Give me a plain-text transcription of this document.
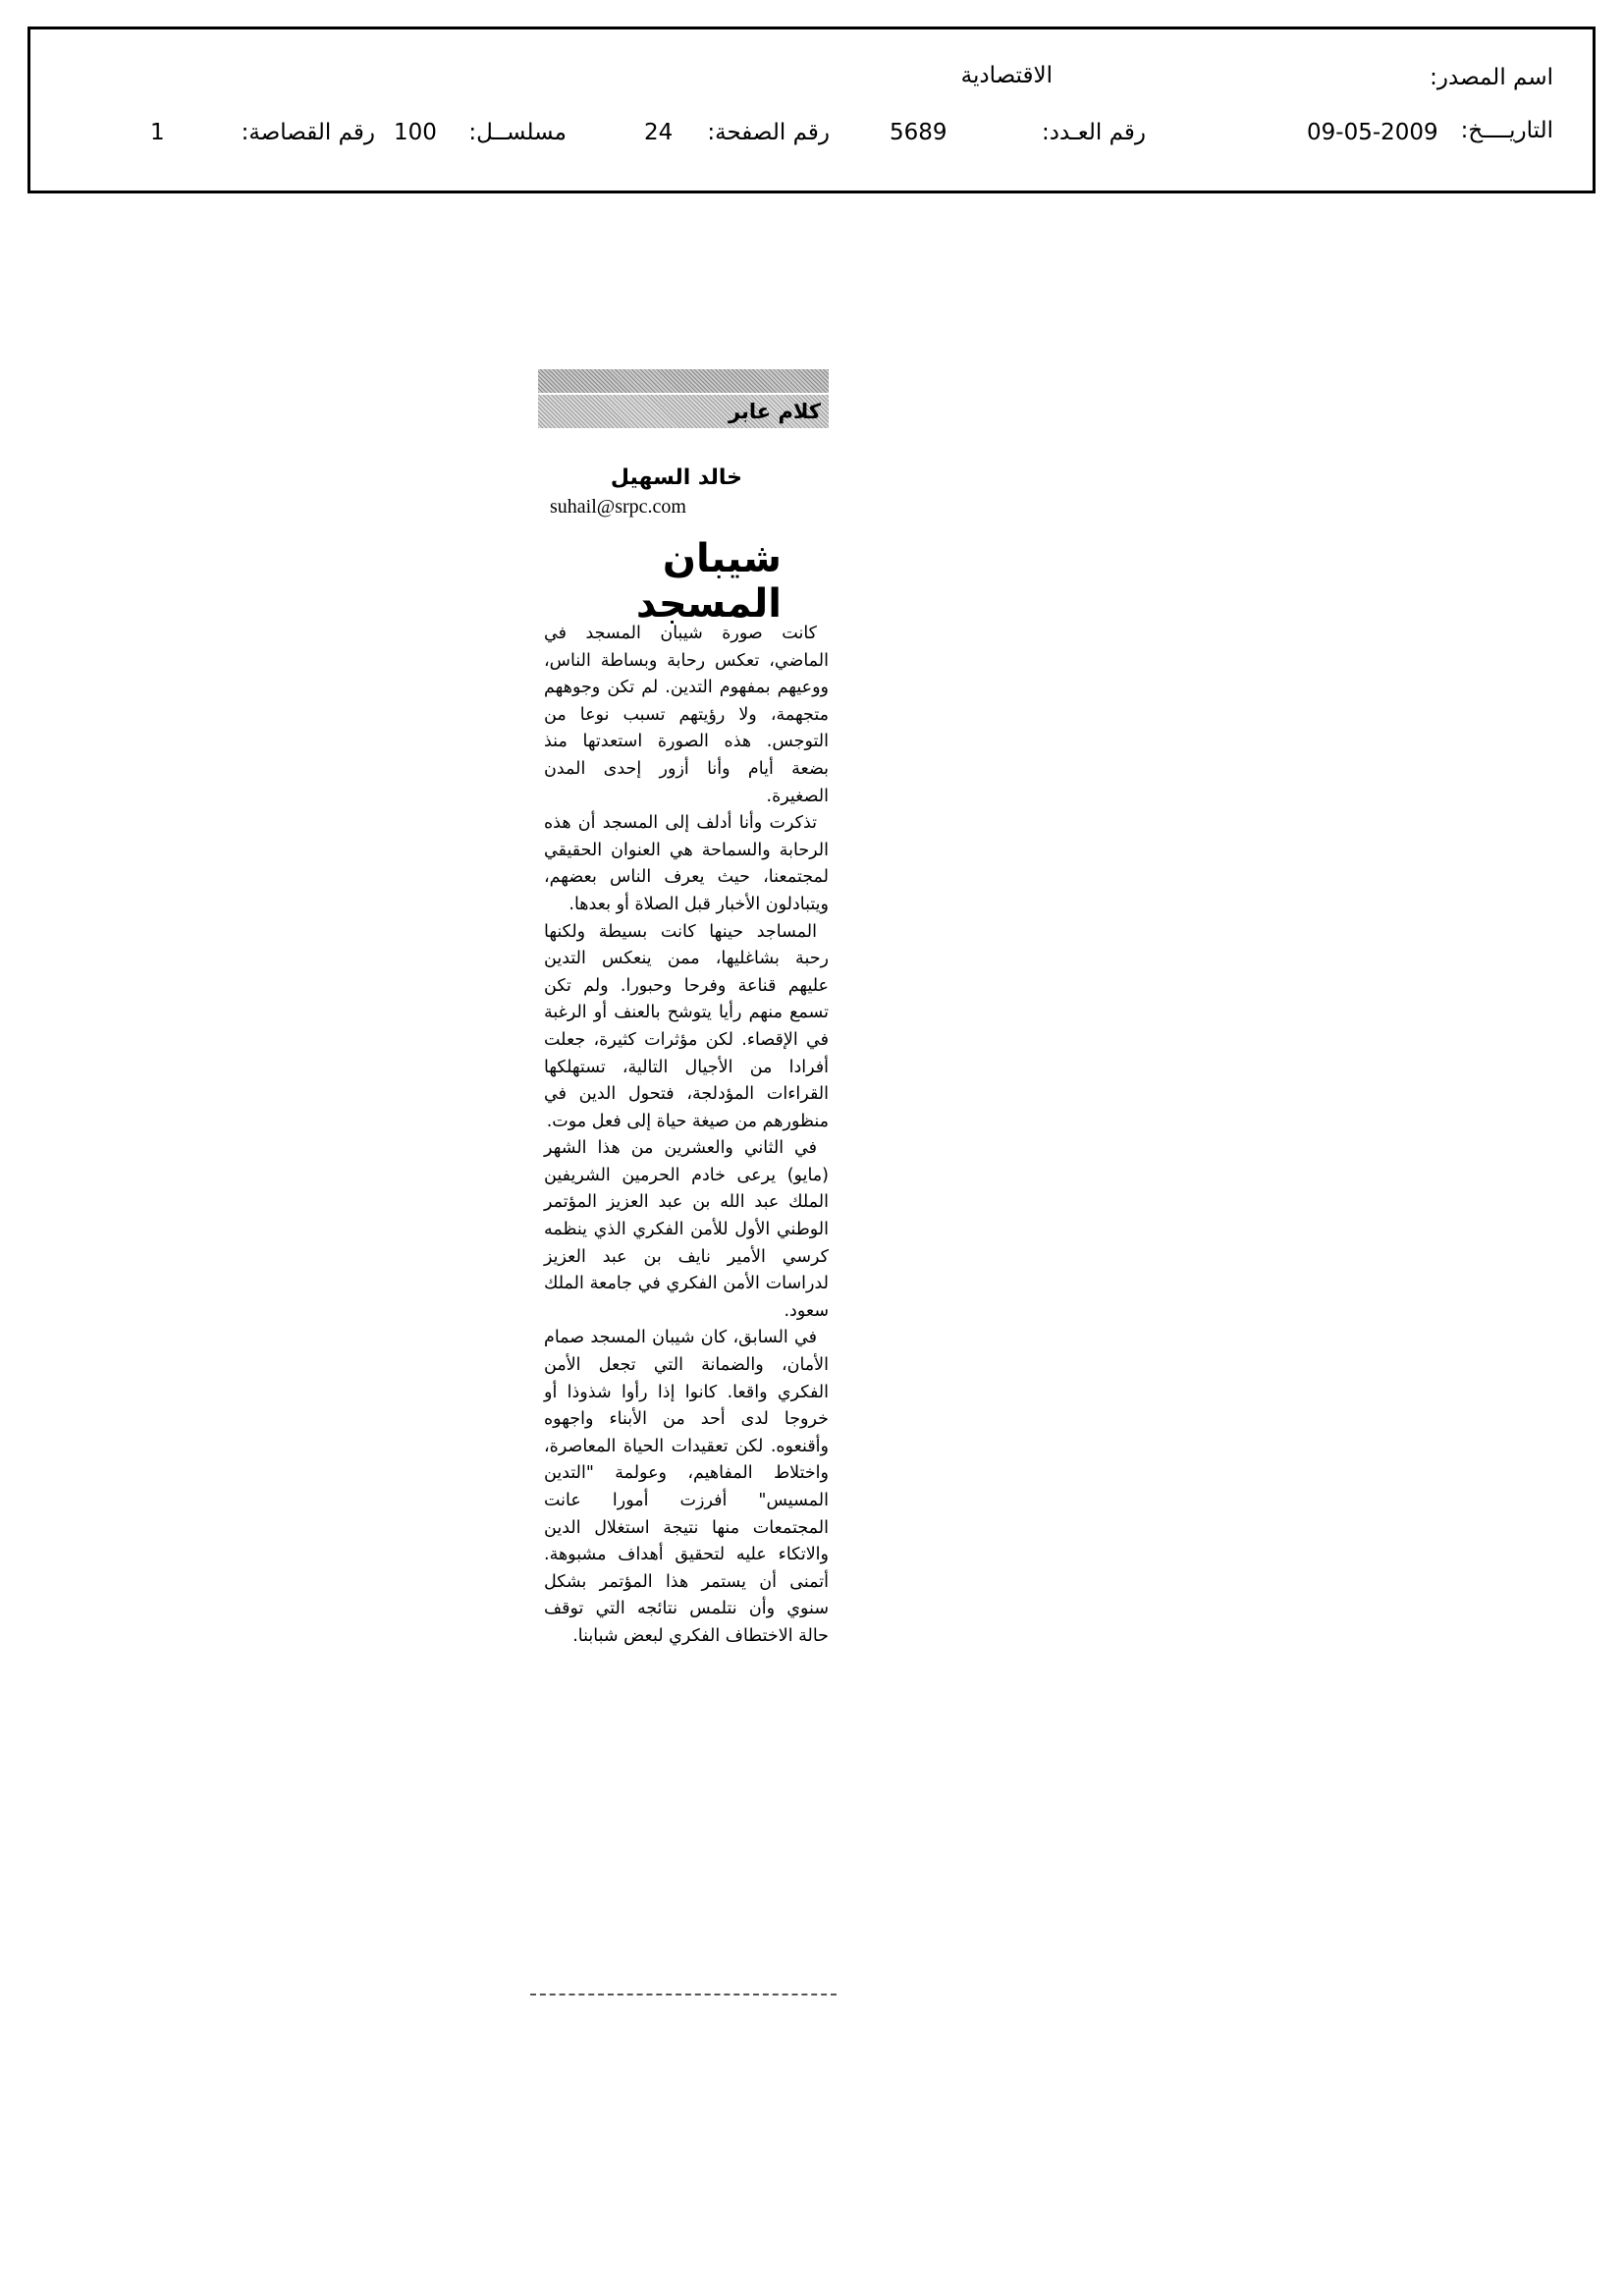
اسم المصدر:
الاقتصادية
التاريــــخ:
09-05-2009
رقم العـدد:
5689
رقم الصفحة:
24
مسلســل:
100
رقم القصاصة:
1
كلام عابر
خالد السهيل
suhail@srpc.com
شيبان المسجد

كانت صورة شيبان المسجد في الماضي، تعكس رحابة وبساطة الناس، ووعيهم بمفهوم التدين. لم تكن وجوههم متجهمة، ولا رؤيتهم تسبب نوعا من التوجس. هذه الصورة استعدتها منذ بضعة أيام وأنا أزور إحدى المدن الصغيرة.

تذكرت وأنا أدلف إلى المسجد أن هذه الرحابة والسماحة هي العنوان الحقيقي لمجتمعنا، حيث يعرف الناس بعضهم، ويتبادلون الأخبار قبل الصلاة أو بعدها.

المساجد حينها كانت بسيطة ولكنها رحبة بشاغليها، ممن ينعكس التدين عليهم قناعة وفرحا وحبورا. ولم تكن تسمع منهم رأيا يتوشح بالعنف أو الرغبة في الإقصاء. لكن مؤثرات كثيرة، جعلت أفرادا من الأجيال التالية، تستهلكها القراءات المؤدلجة، فتحول الدين في منظورهم من صيغة حياة إلى فعل موت.

في الثاني والعشرين من هذا الشهر (مايو) يرعى خادم الحرمين الشريفين الملك عبد الله بن عبد العزيز المؤتمر الوطني الأول للأمن الفكري الذي ينظمه كرسي الأمير نايف بن عبد العزيز لدراسات الأمن الفكري في جامعة الملك سعود.

في السابق، كان شيبان المسجد صمام الأمان، والضمانة التي تجعل الأمن الفكري واقعا. كانوا إذا رأوا شذوذا أو خروجا لدى أحد من الأبناء واجهوه وأقنعوه. لكن تعقيدات الحياة المعاصرة، واختلاط المفاهيم، وعولمة "التدين المسيس" أفرزت أمورا عانت المجتمعات منها نتيجة استغلال الدين والاتكاء عليه لتحقيق أهداف مشبوهة. أتمنى أن يستمر هذا المؤتمر بشكل سنوي وأن نتلمس نتائجه التي توقف حالة الاختطاف الفكري لبعض شبابنا.
